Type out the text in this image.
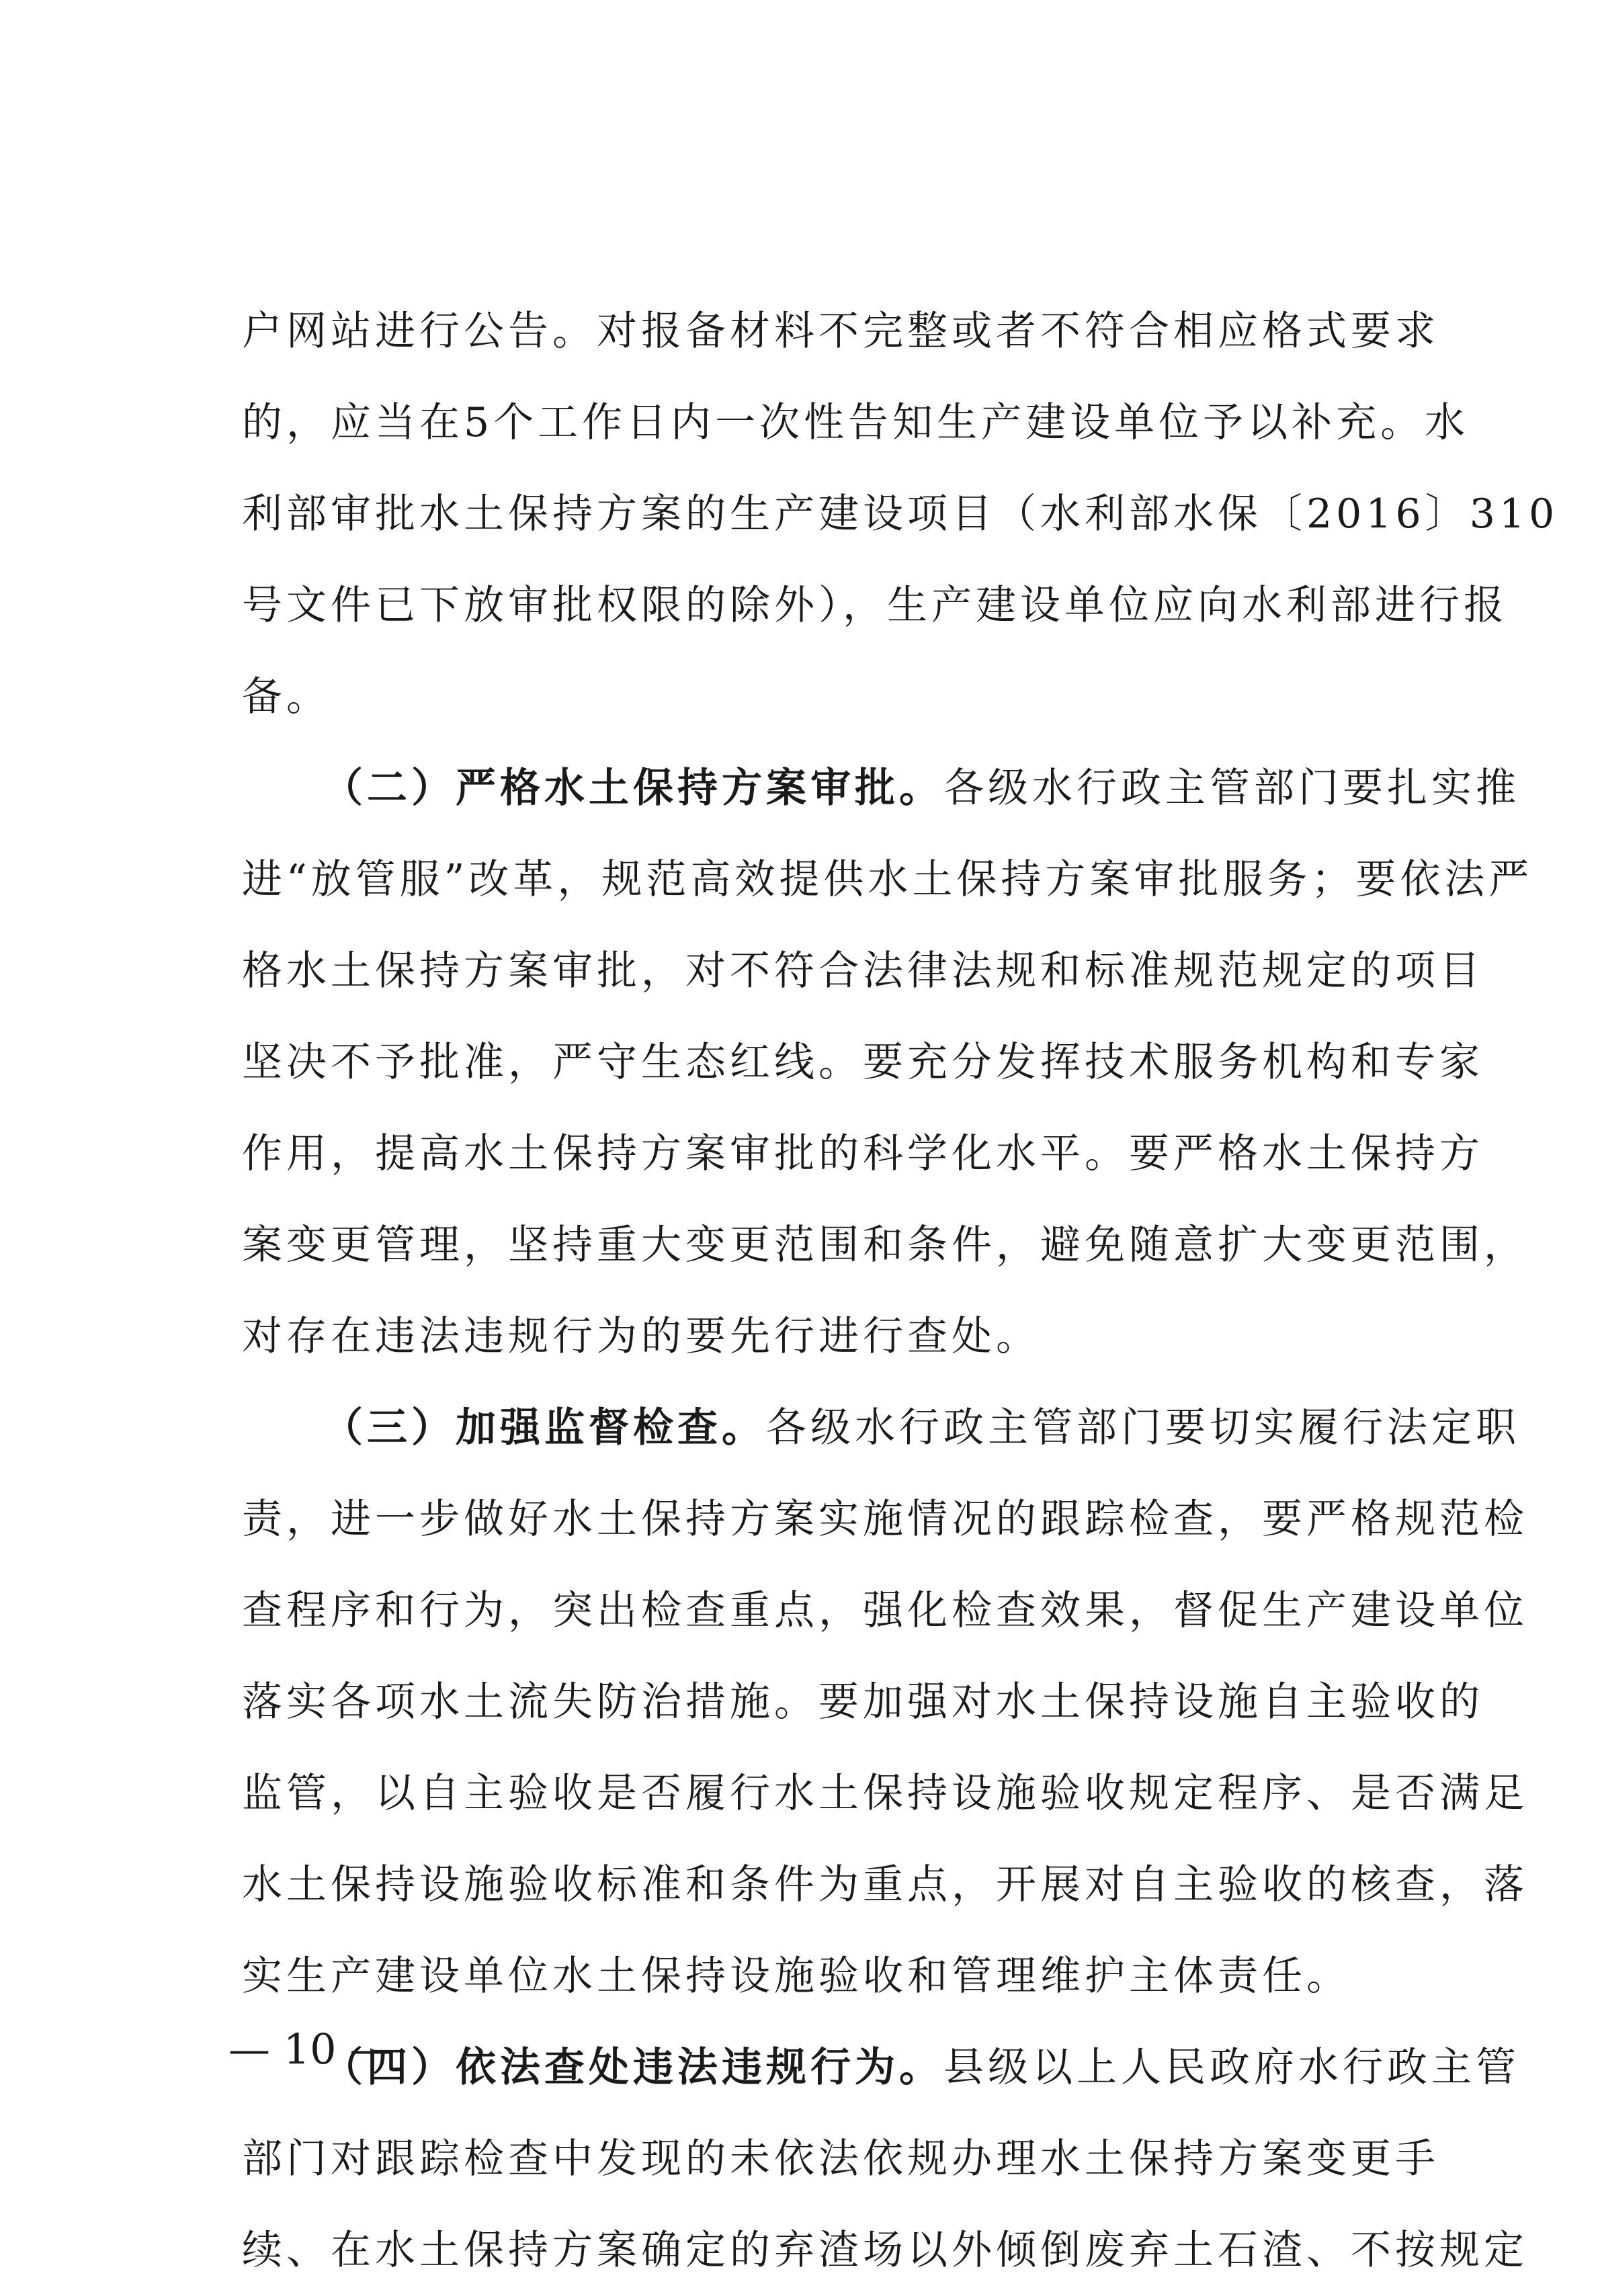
户网站进行公告。对报备材料不完整或者不符合相应格式要求
的，应当在5个工作日内一次性告知生产建设单位予以补充。水
利部审批水土保持方案的生产建设项目（水利部水保〔2016〕310
号文件已下放审批权限的除外），生产建设单位应向水利部进行报
备。
（二）严格水土保持方案审批。各级水行政主管部门要扎实推
进“放管服”改革，规范高效提供水土保持方案审批服务；要依法严
格水土保持方案审批，对不符合法律法规和标准规范规定的项目
坚决不予批准，严守生态红线。要充分发挥技术服务机构和专家
作用，提高水土保持方案审批的科学化水平。要严格水土保持方
案变更管理，坚持重大变更范围和条件，避免随意扩大变更范围，
对存在违法违规行为的要先行进行查处。
（三）加强监督检查。各级水行政主管部门要切实履行法定职
责，进一步做好水土保持方案实施情况的跟踪检查，要严格规范检
查程序和行为，突出检查重点，强化检查效果，督促生产建设单位
落实各项水土流失防治措施。要加强对水土保持设施自主验收的
监管，以自主验收是否履行水土保持设施验收规定程序、是否满足
水土保持设施验收标准和条件为重点，开展对自主验收的核查，落
实生产建设单位水土保持设施验收和管理维护主体责任。
（四）依法查处违法违规行为。县级以上人民政府水行政主管
部门对跟踪检查中发现的未依法依规办理水土保持方案变更手
续、在水土保持方案确定的弃渣场以外倾倒废弃土石渣、不按规定
— 10 —
